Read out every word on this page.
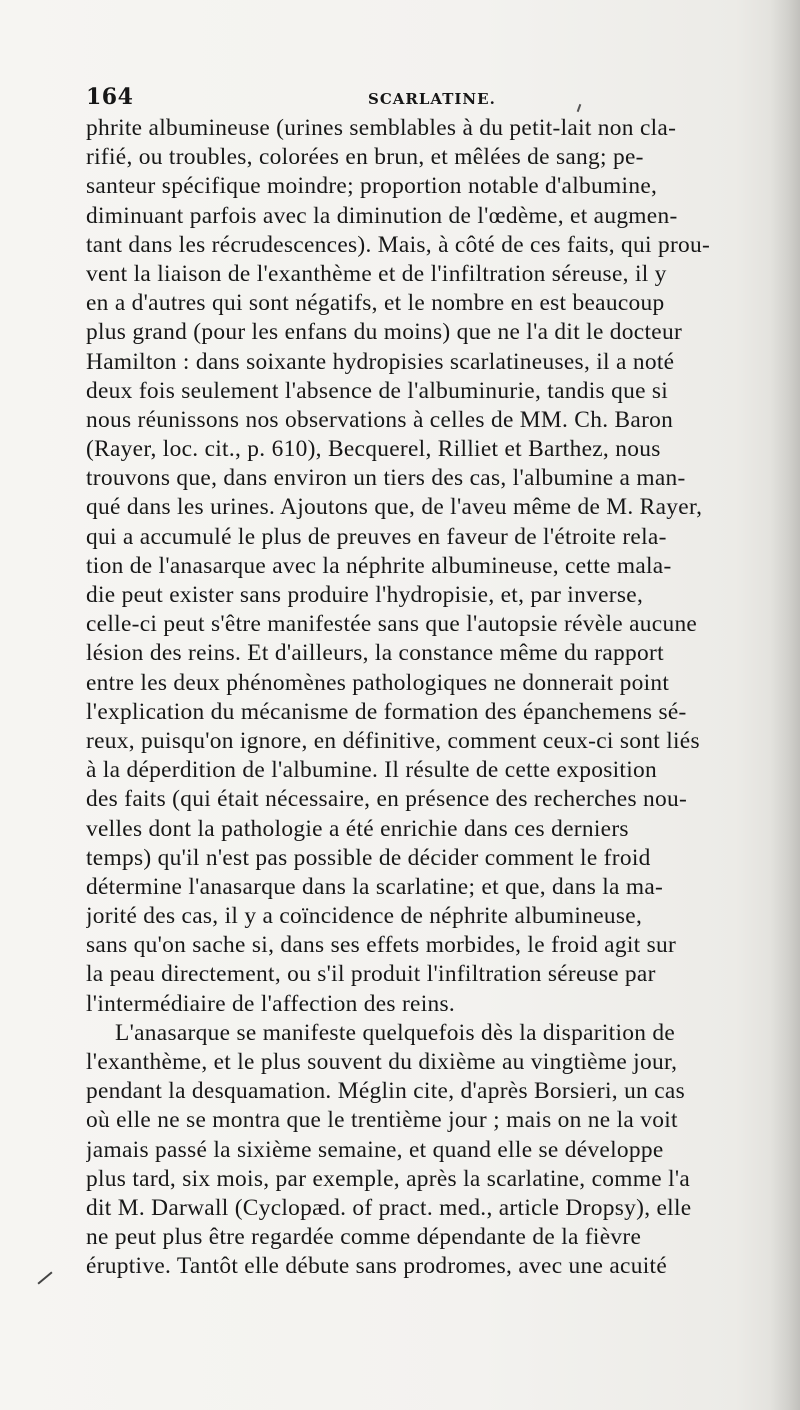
164	SCARLATINE.
phrite albumineuse (urines semblables à du petit-lait non cla-
rifié, ou troubles, colorées en brun, et mêlées de sang; pe-
santeur spécifique moindre; proportion notable d'albumine,
diminuant parfois avec la diminution de l'œdème, et augmen-
tant dans les récrudescences). Mais, à côté de ces faits, qui prou-
vent la liaison de l'exanthème et de l'infiltration séreuse, il y
en a d'autres qui sont négatifs, et le nombre en est beaucoup
plus grand (pour les enfans du moins) que ne l'a dit le docteur
Hamilton : dans soixante hydropisies scarlatineuses, il a noté
deux fois seulement l'absence de l'albuminurie, tandis que si
nous réunissons nos observations à celles de MM. Ch. Baron
(Rayer, loc. cit., p. 610), Becquerel, Rilliet et Barthez, nous
trouvons que, dans environ un tiers des cas, l'albumine a man-
qué dans les urines. Ajoutons que, de l'aveu même de M. Rayer,
qui a accumulé le plus de preuves en faveur de l'étroite rela-
tion de l'anasarque avec la néphrite albumineuse, cette mala-
die peut exister sans produire l'hydropisie, et, par inverse,
celle-ci peut s'être manifestée sans que l'autopsie révèle aucune
lésion des reins. Et d'ailleurs, la constance même du rapport
entre les deux phénomènes pathologiques ne donnerait point
l'explication du mécanisme de formation des épanchemens sé-
reux, puisqu'on ignore, en définitive, comment ceux-ci sont liés
à la déperdition de l'albumine. Il résulte de cette exposition
des faits (qui était nécessaire, en présence des recherches nou-
velles dont la pathologie a été enrichie dans ces derniers
temps) qu'il n'est pas possible de décider comment le froid
détermine l'anasarque dans la scarlatine; et que, dans la ma-
jorité des cas, il y a coïncidence de néphrite albumineuse,
sans qu'on sache si, dans ses effets morbides, le froid agit sur
la peau directement, ou s'il produit l'infiltration séreuse par
l'intermédiaire de l'affection des reins.
L'anasarque se manifeste quelquefois dès la disparition de
l'exanthème, et le plus souvent du dixième au vingtième jour,
pendant la desquamation. Méglin cite, d'après Borsieri, un cas
où elle ne se montra que le trentième jour ; mais on ne la voit
jamais passé la sixième semaine, et quand elle se développe
plus tard, six mois, par exemple, après la scarlatine, comme l'a
dit M. Darwall (Cyclopæd. of pract. med., article Dropsy), elle
ne peut plus être regardée comme dépendante de la fièvre
éruptive. Tantôt elle débute sans prodromes, avec une acuité
